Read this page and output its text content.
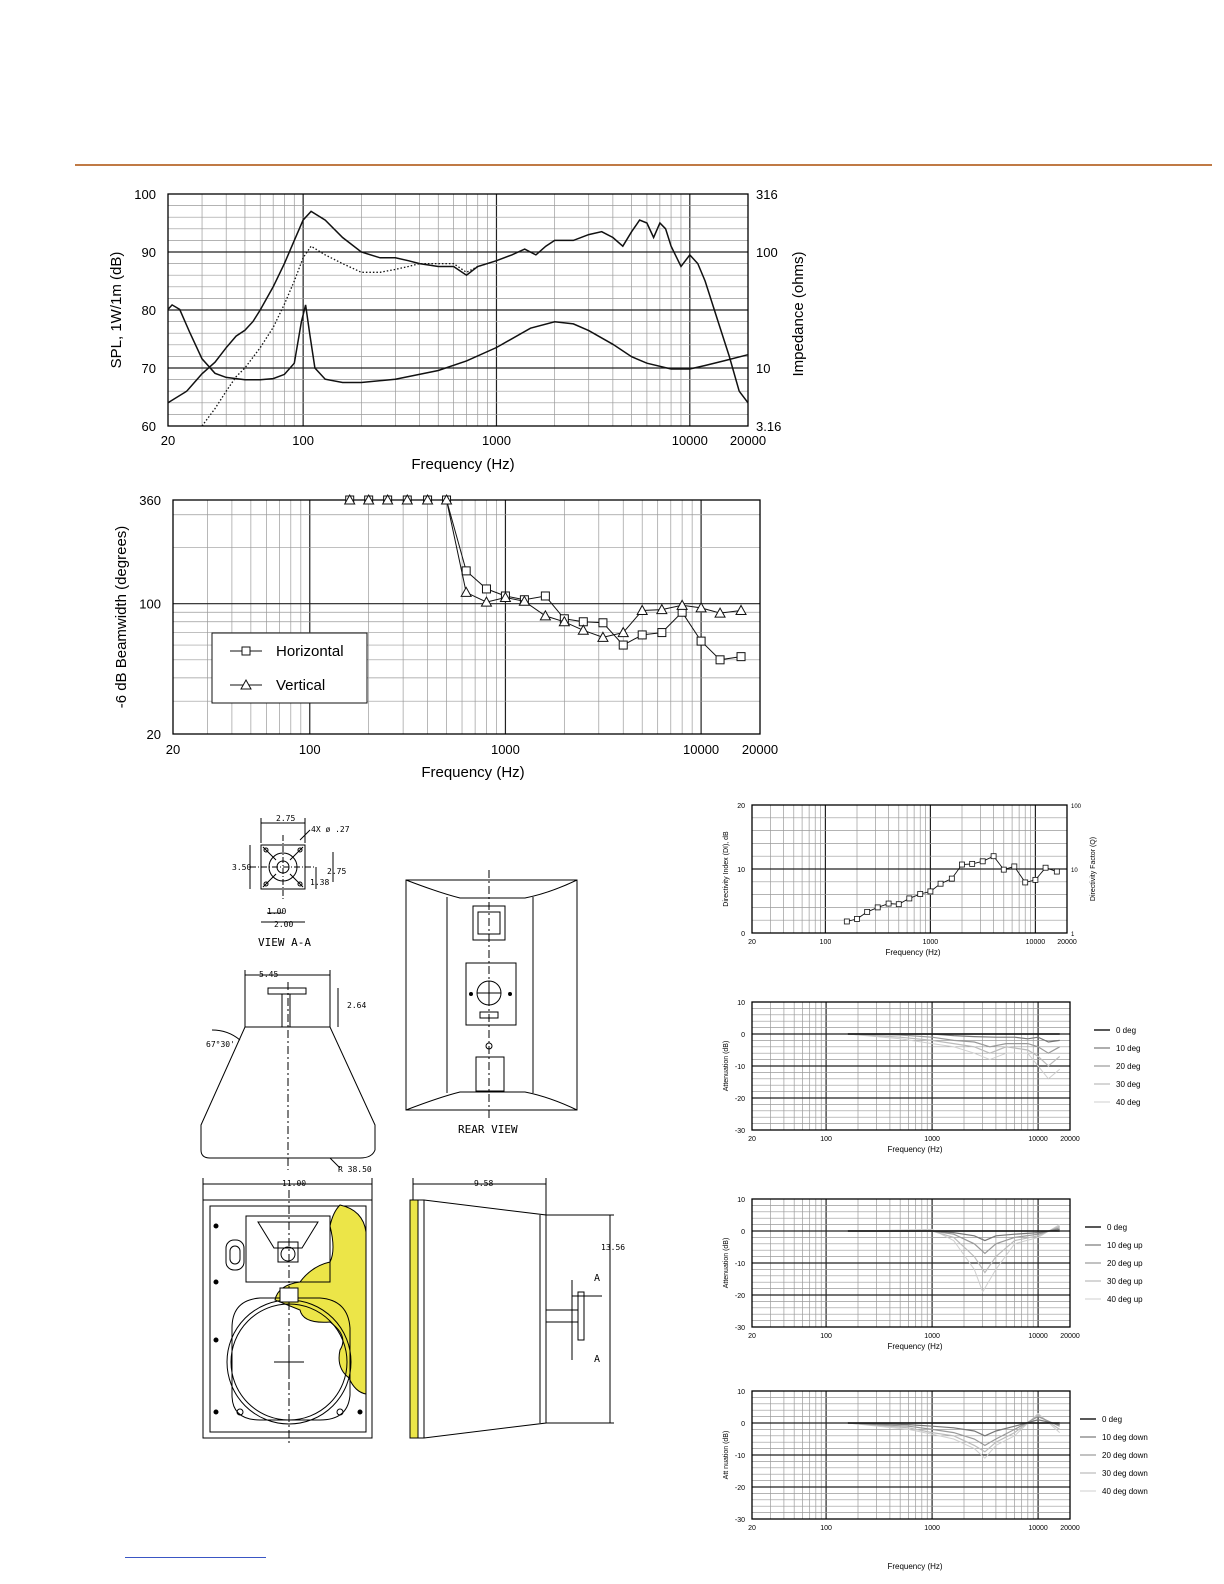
60
70
80
90
100
3.16
10
100
316
20	100	1000	10000 20000
Frequency (Hz)
SPL, 1W/1m (dB)	Impedance (ohms)
20
100
360
20	100	1000	10000 20000
Frequency (Hz)
-6 dB Beamwidth (degrees)	Horizontal
Vertical
0
10
20
1
10
100
20	100	1000	10000 20000
Frequency (Hz)
Directivity Index (DI), dB	Directivity Factor (Q)
10
0
-10
-20
-30
20	100	1000	10000 20000
Frequency (Hz)
Attenuation (dB)
0 deg
10 deg
20 deg
30 deg
40 deg
10
0
-10
-20
-30
20	100	1000	10000 20000
Frequency (Hz)
Attenuation (dB)
0 deg
10 deg up
20 deg up
30 deg up
40 deg up
10
0
-10
-20
-30
20	100	1000	10000 20000
Frequency (Hz)
Att nuation (dB)
0 deg
10 deg down
20 deg down
30 deg down
40 deg down
2.75
4X ø .27
3.50	2.75
1.38
1.00
2.00
VIEW A-A
5.45
2.64
67°30'
R 38.50
REAR VIEW
11.00	9.58
13.56
A
A
